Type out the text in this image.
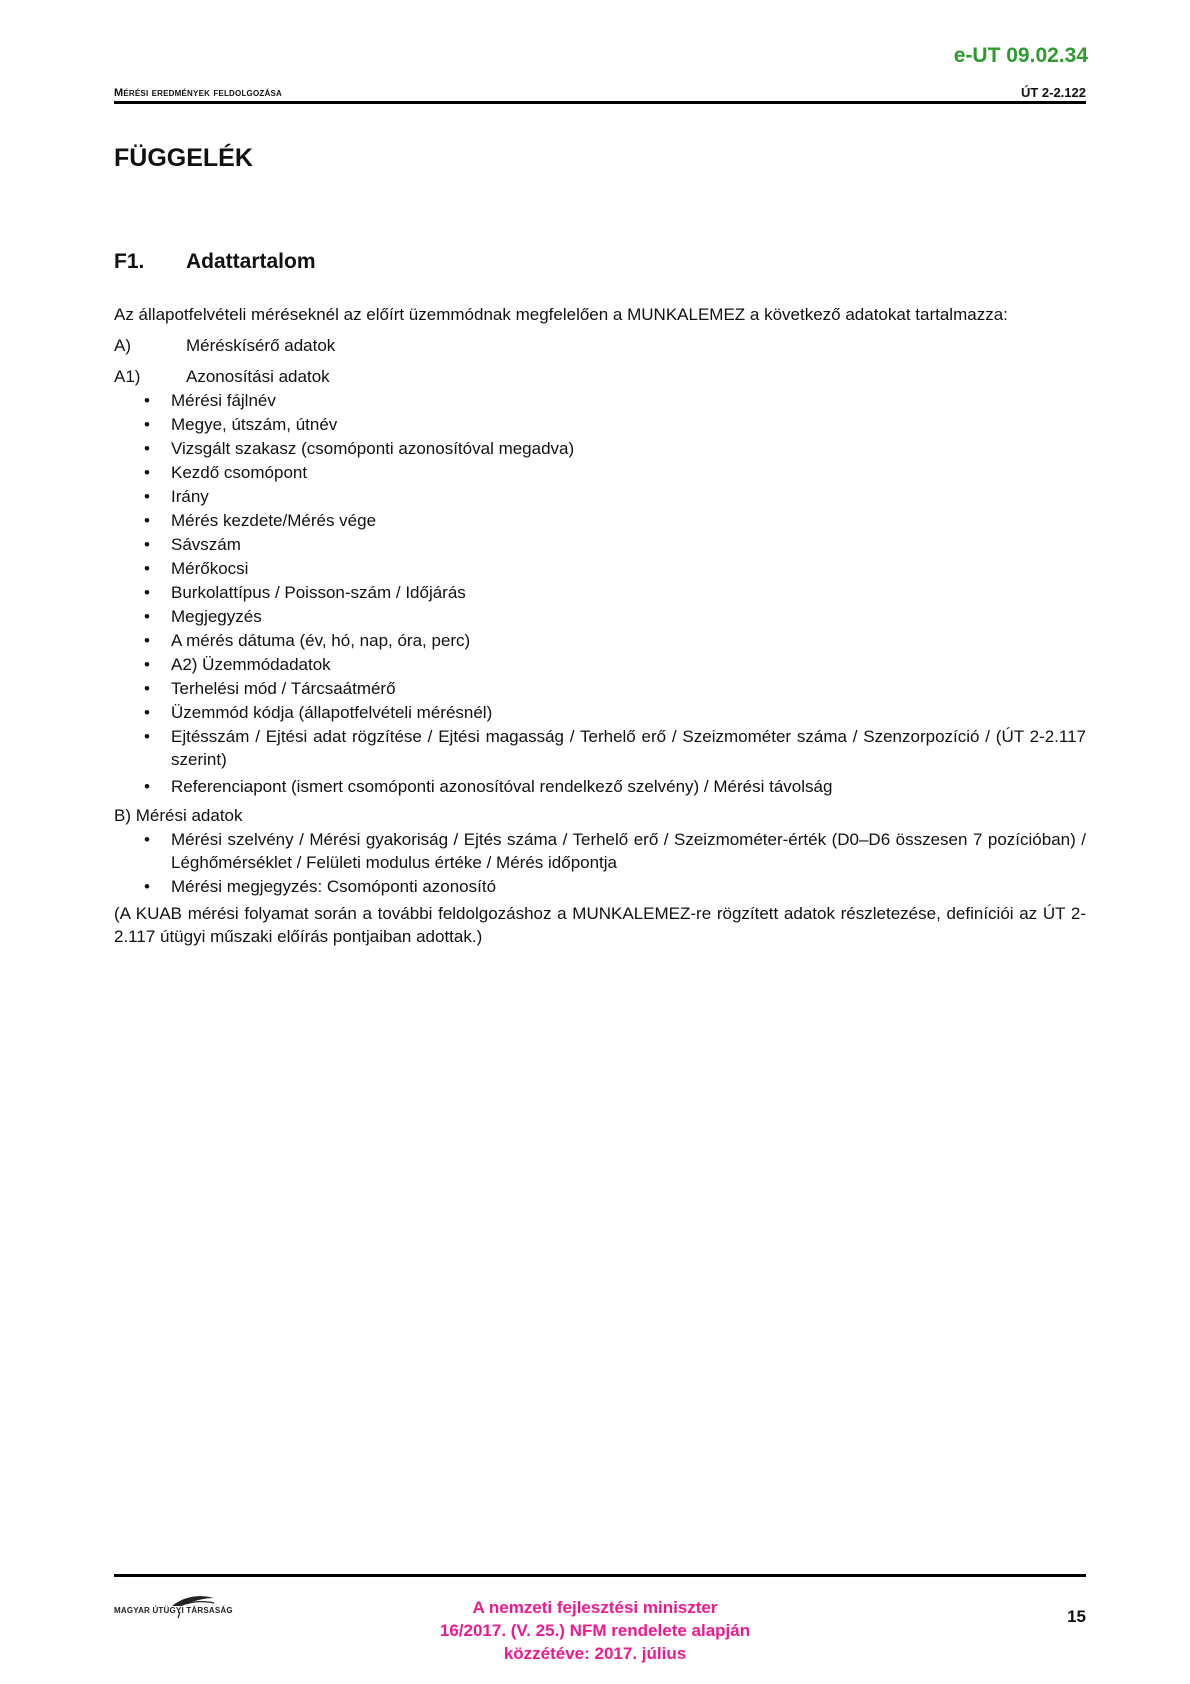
e-UT 09.02.34
Mérési eredmények feldolgozása	ÚT 2-2.122
FÜGGELÉK
F1. Adattartalom

Az állapotfelvételi méréseknél az előírt üzemmódnak megfelelően a MUNKALEMEZ a következő adatokat tartalmazza:

A)	Méréskísérő adatok
A1)	Azonosítási adatok
• Mérési fájlnév
• Megye, útszám, útnév
• Vizsgált szakasz (csomóponti azonosítóval megadva)
• Kezdő csomópont
• Irány
• Mérés kezdete/Mérés vége
• Sávszám
• Mérőkocsi
• Burkolattípus / Poisson-szám / Időjárás
• Megjegyzés
• A mérés dátuma (év, hó, nap, óra, perc)
• A2) Üzemmódadatok
• Terhelési mód / Tárcsaátmérő
• Üzemmód kódja (állapotfelvételi mérésnél)
• Ejtésszám / Ejtési adat rögzítése / Ejtési magasság / Terhelő erő / Szeizmométer száma / Szenzorpozíció / (ÚT 2-2.117 szerint)
• Referenciapont (ismert csomóponti azonosítóval rendelkező szelvény) / Mérési távolság
B) Mérési adatok
• Mérési szelvény / Mérési gyakoriság / Ejtés száma / Terhelő erő / Szeizmométer-érték (D0–D6 összesen 7 pozícióban) / Léghőmérséklet / Felületi modulus értéke / Mérés időpontja
• Mérési megjegyzés: Csomóponti azonosító

(A KUAB mérési folyamat során a további feldolgozáshoz a MUNKALEMEZ-re rögzített adatok részletezése, definíciói az ÚT 2-2.117 útügyi műszaki előírás pontjaiban adottak.)

MAGYAR ÚTÜGYI TÁRSASÁG	A nemzeti fejlesztési miniszter
16/2017. (V. 25.) NFM rendelete alapján
közzétéve: 2017. július
15
